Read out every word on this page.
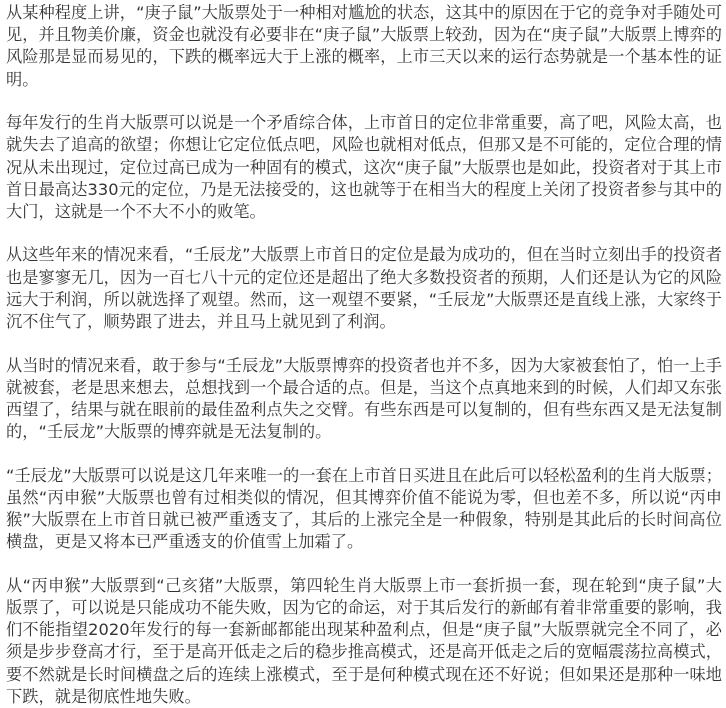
从某种程度上讲，“庚子鼠”大版票处于一种相对尴尬的状态，这其中的原因在于它的竞争对手随处可见，并且物美价廉，资金也就没有必要非在“庚子鼠”大版票上较劲，因为在“庚子鼠”大版票上博弈的风险那是显而易见的，下跌的概率远大于上涨的概率，上市三天以来的运行态势就是一个基本性的证明。

每年发行的生肖大版票可以说是一个矛盾综合体，上市首日的定位非常重要，高了吧，风险太高，也就失去了追高的欲望；你想让它定位低点吧，风险也就相对低点，但那又是不可能的，定位合理的情况从未出现过，定位过高已成为一种固有的模式，这次“庚子鼠”大版票也是如此，投资者对于其上市首日最高达330元的定位，乃是无法接受的，这也就等于在相当大的程度上关闭了投资者参与其中的大门，这就是一个不大不小的败笔。

从这些年来的情况来看，“壬辰龙”大版票上市首日的定位是最为成功的，但在当时立刻出手的投资者也是寥寥无几，因为一百七八十元的定位还是超出了绝大多数投资者的预期，人们还是认为它的风险远大于利润，所以就选择了观望。然而，这一观望不要紧，“壬辰龙”大版票还是直线上涨，大家终于沉不住气了，顺势跟了进去，并且马上就见到了利润。

从当时的情况来看，敢于参与“壬辰龙”大版票博弈的投资者也并不多，因为大家被套怕了，怕一上手就被套，老是思来想去，总想找到一个最合适的点。但是，当这个点真地来到的时候，人们却又东张西望了，结果与就在眼前的最佳盈利点失之交臂。有些东西是可以复制的，但有些东西又是无法复制的，“壬辰龙”大版票的博弈就是无法复制的。

“壬辰龙”大版票可以说是这几年来唯一的一套在上市首日买进且在此后可以轻松盈利的生肖大版票；虽然“丙申猴”大版票也曾有过相类似的情况，但其博弈价值不能说为零，但也差不多，所以说“丙申猴”大版票在上市首日就已被严重透支了，其后的上涨完全是一种假象，特别是其此后的长时间高位横盘，更是又将本已严重透支的价值雪上加霜了。

从“丙申猴”大版票到“己亥猪”大版票，第四轮生肖大版票上市一套折损一套，现在轮到“庚子鼠”大版票了，可以说是只能成功不能失败，因为它的命运，对于其后发行的新邮有着非常重要的影响，我们不能指望2020年发行的每一套新邮都能出现某种盈利点，但是“庚子鼠”大版票就完全不同了，必须是步步登高才行，至于是高开低走之后的稳步推高模式，还是高开低走之后的宽幅震荡拉高模式，要不然就是长时间横盘之后的连续上涨模式，至于是何种模式现在还不好说；但如果还是那种一味地下跌，就是彻底性地失败。
